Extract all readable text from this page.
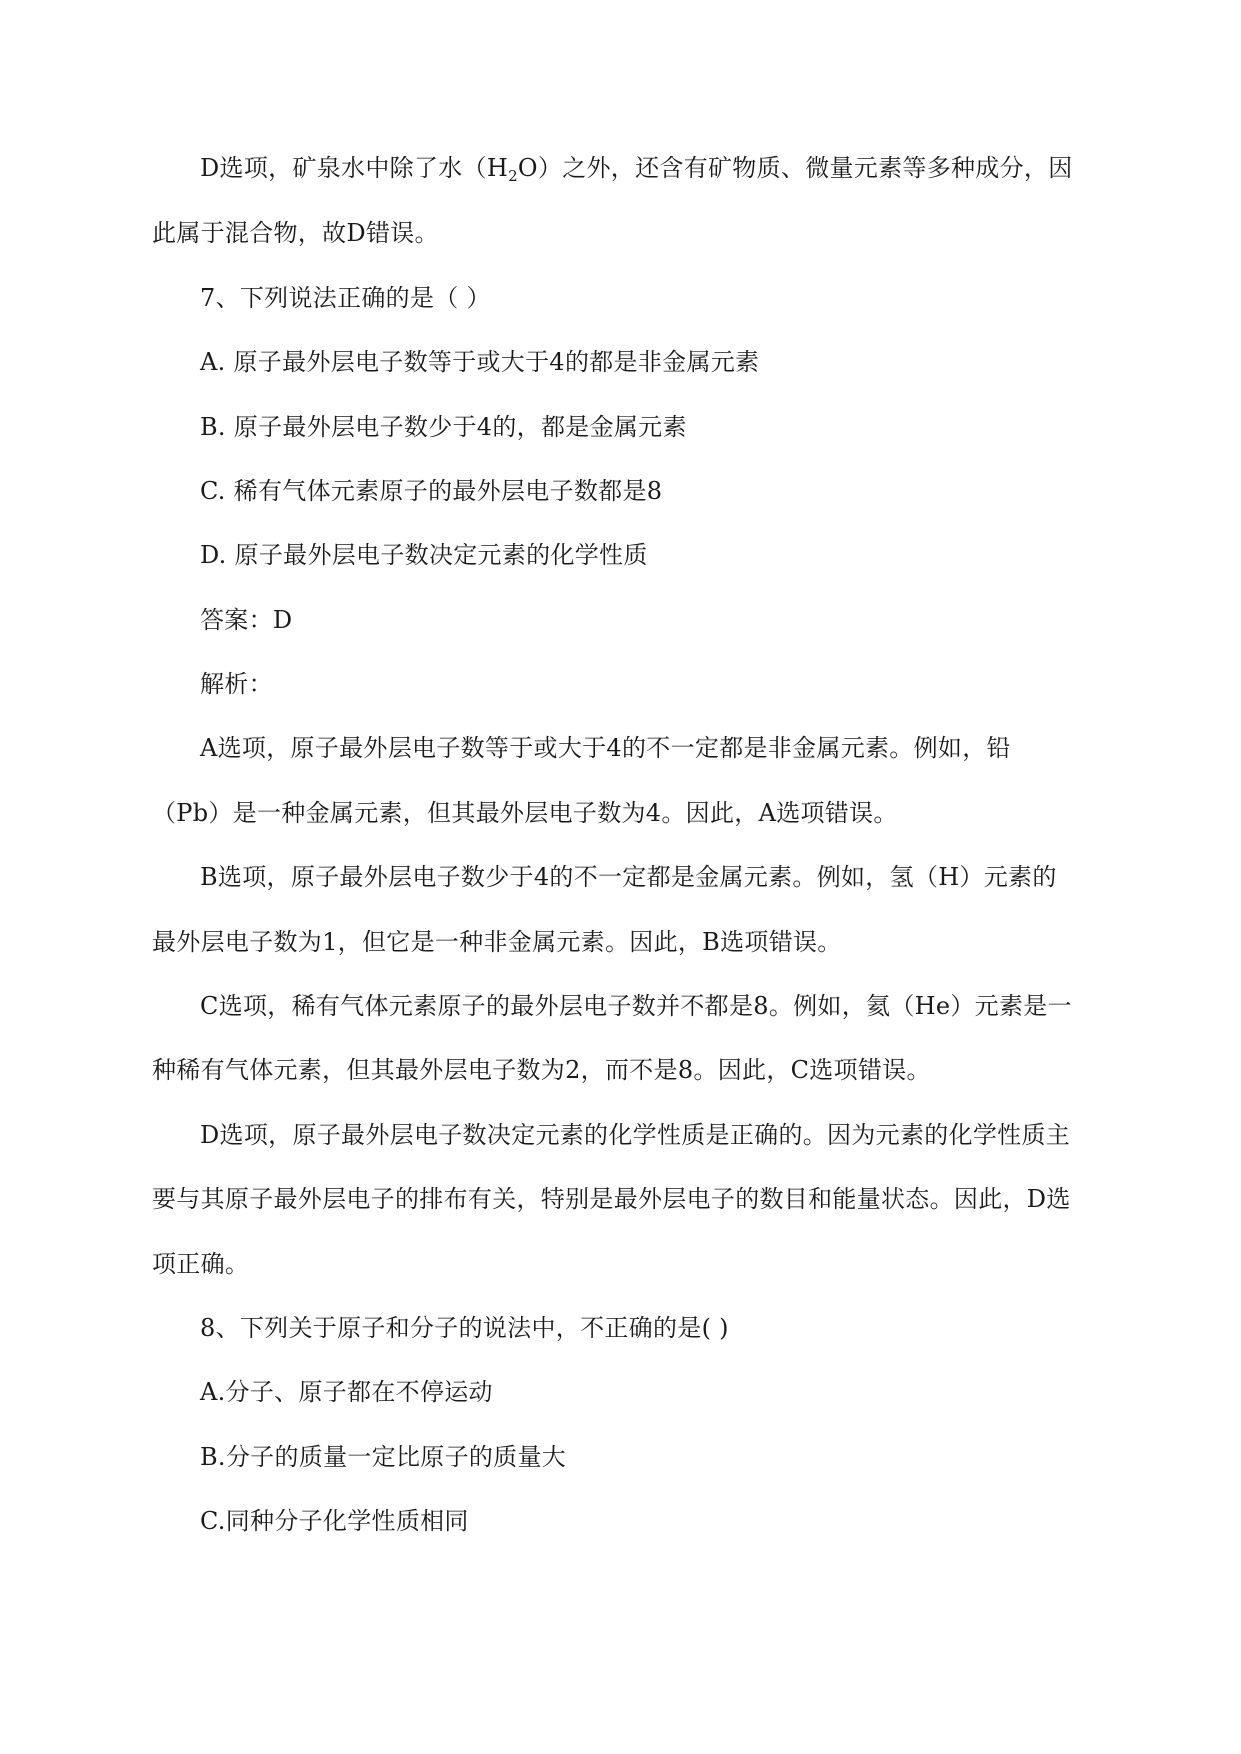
D选项，矿泉水中除了水$(H_2O)$之外，还含有矿物质、微量元素等多种成分，因
此属于混合物，故D错误。
7、下列说法正确的是（ ）
A. 原子最外层电子数等于或大于4的都是非金属元素
B. 原子最外层电子数少于4的，都是金属元素
C. 稀有气体元素原子的最外层电子数都是8
D. 原子最外层电子数决定元素的化学性质
答案：D
解析：
A选项，原子最外层电子数等于或大于4的不一定都是非金属元素。例如，铅
（Pb）是一种金属元素，但其最外层电子数为4。因此，A选项错误。
B选项，原子最外层电子数少于4的不一定都是金属元素。例如，氢（H）元素的
最外层电子数为1，但它是一种非金属元素。因此，B选项错误。
C选项，稀有气体元素原子的最外层电子数并不都是8。例如，氦（He）元素是一
种稀有气体元素，但其最外层电子数为2，而不是8。因此，C选项错误。
D选项，原子最外层电子数决定元素的化学性质是正确的。因为元素的化学性质主
要与其原子最外层电子的排布有关，特别是最外层电子的数目和能量状态。因此，D选
项正确。
8、下列关于原子和分子的说法中，不正确的是( )
A.分子、原子都在不停运动
B.分子的质量一定比原子的质量大
C.同种分子化学性质相同
